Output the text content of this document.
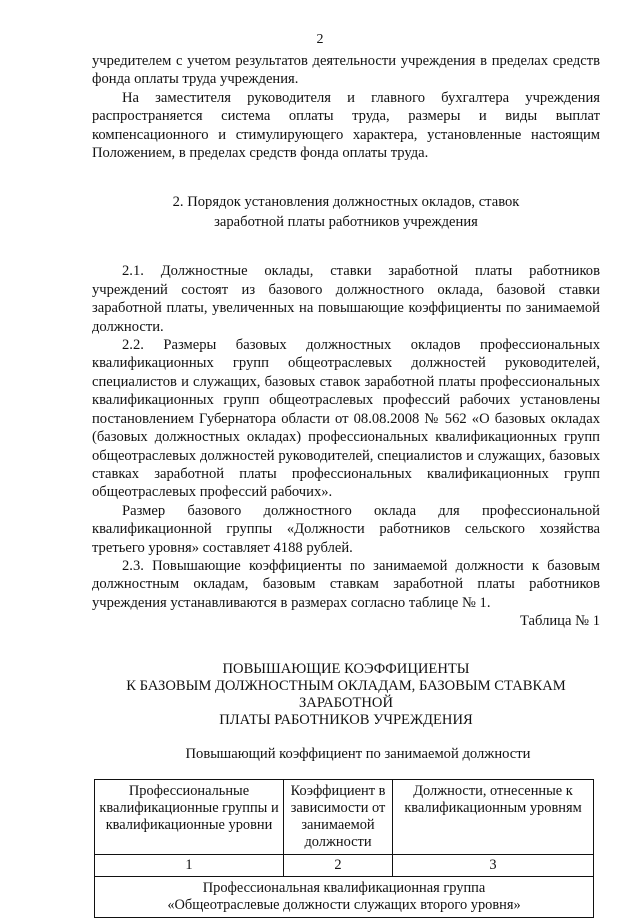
2

учредителем с учетом результатов деятельности учреждения в пределах средств фонда оплаты труда учреждения.

На заместителя руководителя и главного бухгалтера учреждения распространяется система оплаты труда, размеры и виды выплат компенсационного и стимулирующего характера, установленные настоящим Положением, в пределах средств фонда оплаты труда.

2. Порядок установления должностных окладов, ставок
заработной платы работников учреждения

2.1. Должностные оклады, ставки заработной платы работников учреждений состоят из базового должностного оклада, базовой ставки заработной платы, увеличенных на повышающие коэффициенты по занимаемой должности.

2.2. Размеры базовых должностных окладов профессиональных квалификационных групп общеотраслевых должностей руководителей, специалистов и служащих, базовых ставок заработной платы профессиональных квалификационных групп общеотраслевых профессий рабочих установлены постановлением Губернатора области от 08.08.2008 № 562 «О базовых окладах (базовых должностных окладах) профессиональных квалификационных групп общеотраслевых должностей руководителей, специалистов и служащих, базовых ставках заработной платы профессиональных квалификационных групп общеотраслевых профессий рабочих».

Размер базового должностного оклада для профессиональной квалификационной группы «Должности работников сельского хозяйства третьего уровня» составляет 4188 рублей.

2.3. Повышающие коэффициенты по занимаемой должности к базовым должностным окладам, базовым ставкам заработной платы работников учреждения устанавливаются в размерах согласно таблице № 1.

Таблица № 1

ПОВЫШАЮЩИЕ КОЭФФИЦИЕНТЫ
К БАЗОВЫМ ДОЛЖНОСТНЫМ ОКЛАДАМ, БАЗОВЫМ СТАВКАМ ЗАРАБОТНОЙ
ПЛАТЫ РАБОТНИКОВ УЧРЕЖДЕНИЯ

Повышающий коэффициент по занимаемой должности

Профессиональные квалификационные группы и квалификационные уровни	Коэффициент в зависимости от занимаемой должности	Должности, отнесенные к квалификационным уровням
1	2	3

Профессиональная квалификационная группа
«Общеотраслевые должности служащих второго уровня»		
